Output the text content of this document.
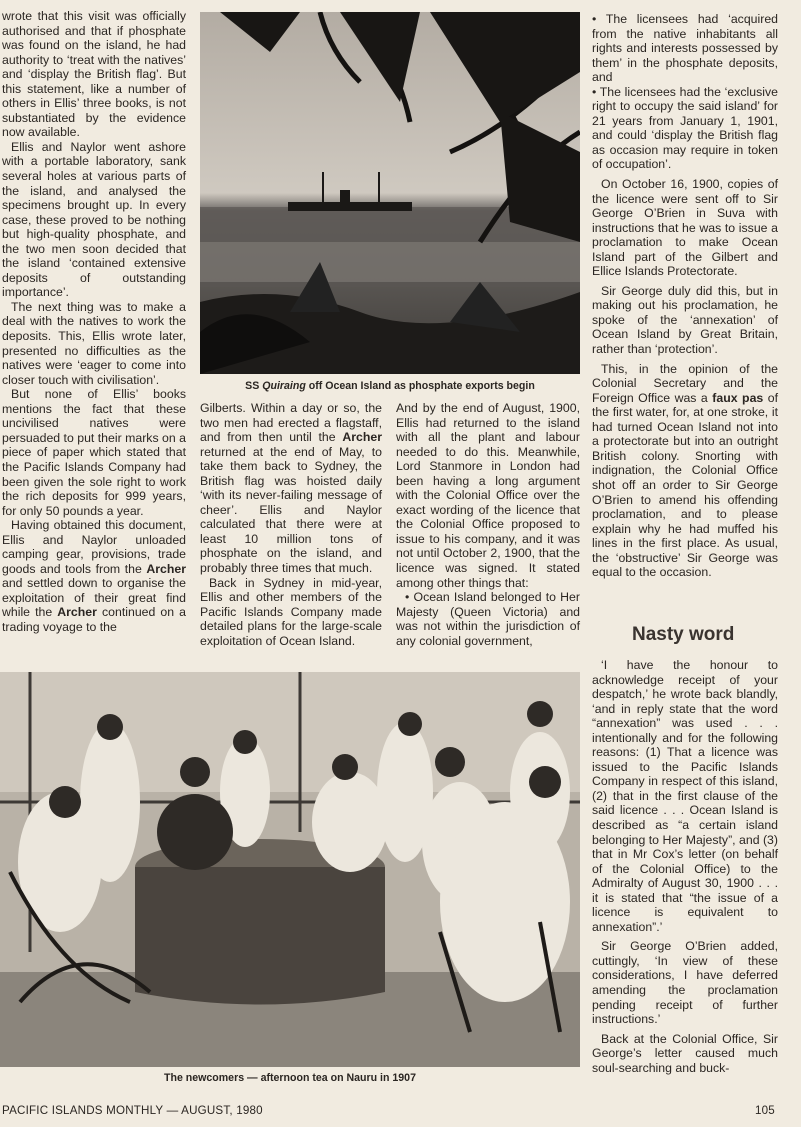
wrote that this visit was officially authorised and that if phosphate was found on the island, he had authority to ‘treat with the natives’ and ‘display the British flag’. But this statement, like a number of others in Ellis’ three books, is not substantiated by the evidence now available.

Ellis and Naylor went ashore with a portable laboratory, sank several holes at various parts of the island, and analysed the specimens brought up. In every case, these proved to be nothing but high-quality phosphate, and the two men soon decided that the island ‘contained extensive deposits of outstanding importance’.

The next thing was to make a deal with the natives to work the deposits. This, Ellis wrote later, presented no difficulties as the natives were ‘eager to come into closer touch with civilisation’.

But none of Ellis’ books mentions the fact that these uncivilised natives were persuaded to put their marks on a piece of paper which stated that the Pacific Islands Company had been given the sole right to work the rich deposits for 999 years, for only 50 pounds a year.

Having obtained this document, Ellis and Naylor unloaded camping gear, provisions, trade goods and tools from the Archer and settled down to organise the exploitation of their great find while the Archer continued on a trading voyage to the

SS Quiraing off Ocean Island as phosphate exports begin

Gilberts. Within a day or so, the two men had erected a flagstaff, and from then until the Archer returned at the end of May, to take them back to Sydney, the British flag was hoisted daily ‘with its never-failing message of cheer’. Ellis and Naylor calculated that there were at least 10 million tons of phosphate on the island, and probably three times that much.

Back in Sydney in mid-year, Ellis and other members of the Pacific Islands Company made detailed plans for the large-scale exploitation of Ocean Island.

And by the end of August, 1900, Ellis had returned to the island with all the plant and labour needed to do this. Meanwhile, Lord Stanmore in London had been having a long argument with the Colonial Office over the exact wording of the licence that the Colonial Office proposed to issue to his company, and it was not until October 2, 1900, that the licence was signed. It stated among other things that:

• Ocean Island belonged to Her Majesty (Queen Victoria) and was not within the jurisdiction of any colonial government,

The newcomers — afternoon tea on Nauru in 1907

• The licensees had ‘acquired from the native inhabitants all rights and interests possessed by them’ in the phosphate deposits, and

• The licensees had the ‘exclusive right to occupy the said island’ for 21 years from January 1, 1901, and could ‘display the British flag as occasion may require in token of occupation’.

On October 16, 1900, copies of the licence were sent off to Sir George O’Brien in Suva with instructions that he was to issue a proclamation to make Ocean Island part of the Gilbert and Ellice Islands Protectorate.

Sir George duly did this, but in making out his proclamation, he spoke of the ‘annexation’ of Ocean Island by Great Britain, rather than ‘protection’.

This, in the opinion of the Colonial Secretary and the Foreign Office was a faux pas of the first water, for, at one stroke, it had turned Ocean Island not into a protectorate but into an outright British colony. Snorting with indignation, the Colonial Office shot off an order to Sir George O’Brien to amend his offending proclamation, and to please explain why he had muffed his lines in the first place. As usual, the ‘obstructive’ Sir George was equal to the occasion.

Nasty word

‘I have the honour to acknowledge receipt of your despatch,’ he wrote back blandly, ‘and in reply state that the word “annexation” was used . . . intentionally and for the following reasons: (1) That a licence was issued to the Pacific Islands Company in respect of this island, (2) that in the first clause of the said licence . . . Ocean Island is described as “a certain island belonging to Her Majesty”, and (3) that in Mr Cox’s letter (on behalf of the Colonial Office) to the Admiralty of August 30, 1900 . . . it is stated that “the issue of a licence is equivalent to annexation”.’

Sir George O’Brien added, cuttingly, ‘In view of these considerations, I have deferred amending the proclamation pending receipt of further instructions.’

Back at the Colonial Office, Sir George’s letter caused much soul-searching and buck-

PACIFIC ISLANDS MONTHLY — AUGUST, 1980	105
